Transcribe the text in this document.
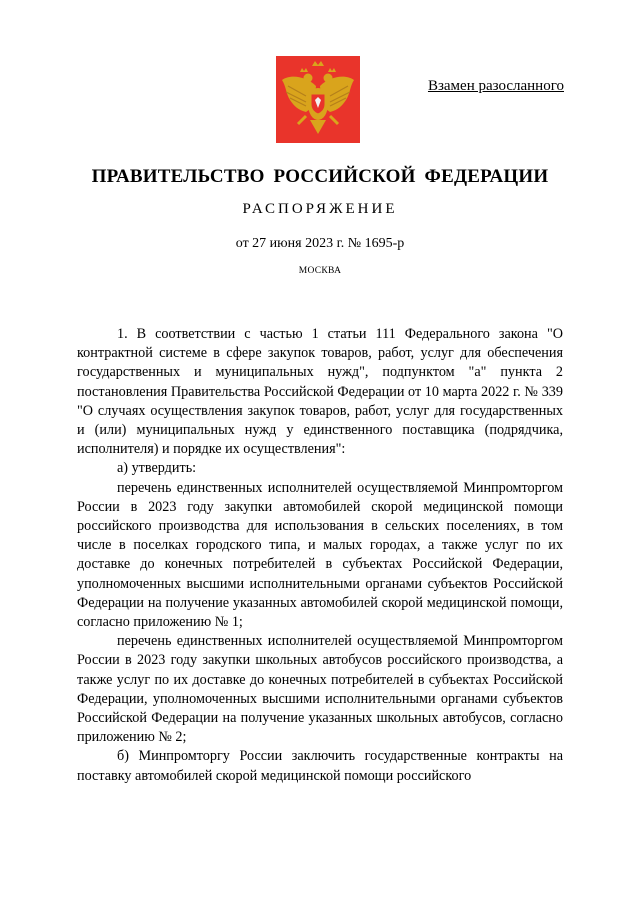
Взамен разосланного
ПРАВИТЕЛЬСТВО РОССИЙСКОЙ ФЕДЕРАЦИИ
РАСПОРЯЖЕНИЕ
от 27 июня 2023 г. № 1695-р
МОСКВА

1. В соответствии с частью 1 статьи 111 Федерального закона "О контрактной системе в сфере закупок товаров, работ, услуг для обеспечения государственных и муниципальных нужд", подпунктом "а" пункта 2 постановления Правительства Российской Федерации от 10 марта 2022 г. № 339 "О случаях осуществления закупок товаров, работ, услуг для государственных и (или) муниципальных нужд у единственного поставщика (подрядчика, исполнителя) и порядке их осуществления":

а) утвердить:

перечень единственных исполнителей осуществляемой Минпромторгом России в 2023 году закупки автомобилей скорой медицинской помощи российского производства для использования в сельских поселениях, в том числе в поселках городского типа, и малых городах, а также услуг по их доставке до конечных потребителей в субъектах Российской Федерации, уполномоченных высшими исполнительными органами субъектов Российской Федерации на получение указанных автомобилей скорой медицинской помощи, согласно приложению № 1;

перечень единственных исполнителей осуществляемой Минпромторгом России в 2023 году закупки школьных автобусов российского производства, а также услуг по их доставке до конечных потребителей в субъектах Российской Федерации, уполномоченных высшими исполнительными органами субъектов Российской Федерации на получение указанных школьных автобусов, согласно приложению № 2;

б) Минпромторгу России заключить государственные контракты на поставку автомобилей скорой медицинской помощи российского
